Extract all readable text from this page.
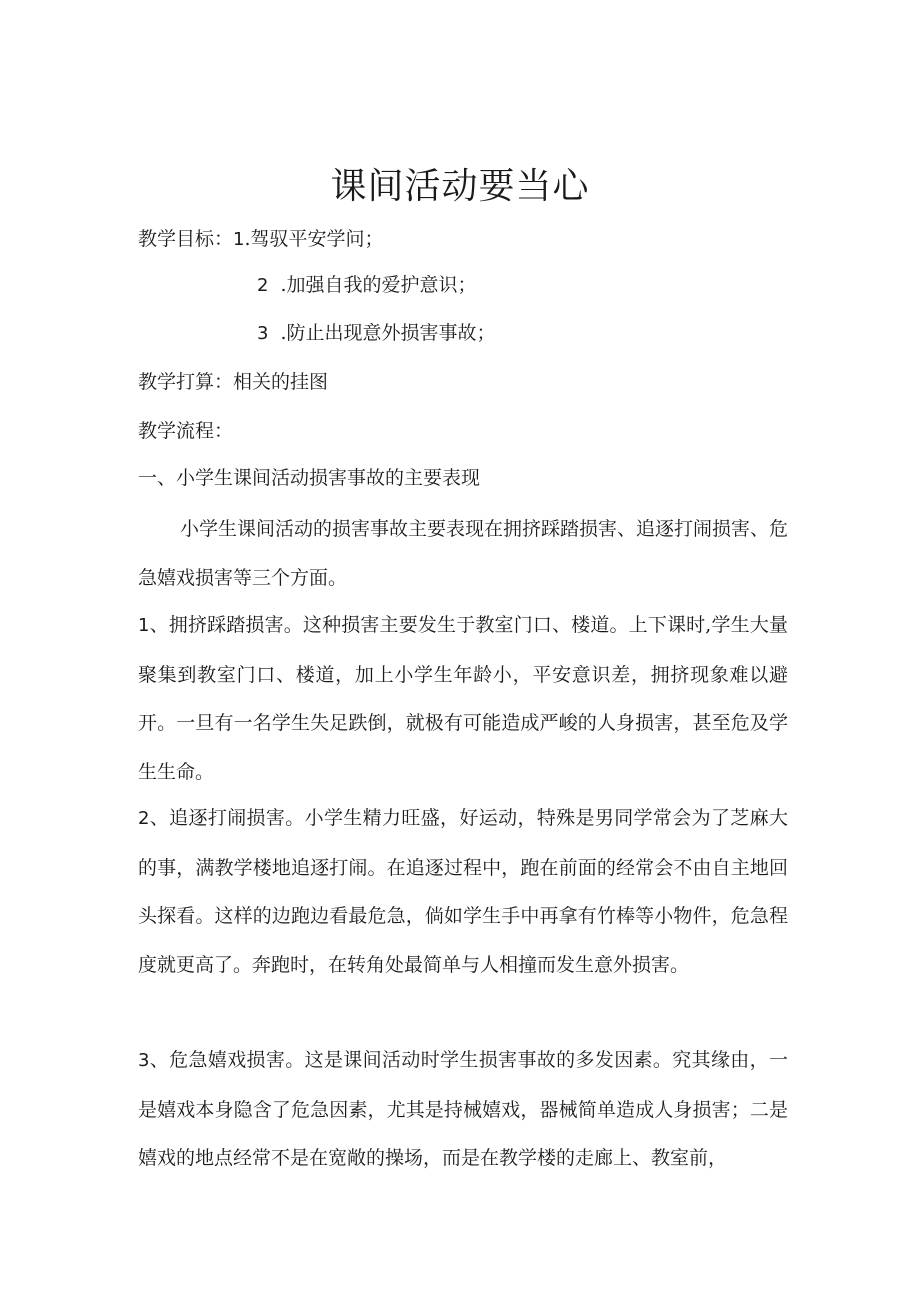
课间活动要当心

教学目标：1.驾驭平安学问；

2 .加强自我的爱护意识；

3 .防止出现意外损害事故；

教学打算：相关的挂图

教学流程：

一、小学生课间活动损害事故的主要表现

小学生课间活动的损害事故主要表现在拥挤踩踏损害、追逐打闹损害、危急嬉戏损害等三个方面。

1、拥挤踩踏损害。这种损害主要发生于教室门口、楼道。上下课时,学生大量聚集到教室门口、楼道，加上小学生年龄小，平安意识差，拥挤现象难以避开。一旦有一名学生失足跌倒，就极有可能造成严峻的人身损害，甚至危及学生生命。

2、追逐打闹损害。小学生精力旺盛，好运动，特殊是男同学常会为了芝麻大的事，满教学楼地追逐打闹。在追逐过程中，跑在前面的经常会不由自主地回头探看。这样的边跑边看最危急，倘如学生手中再拿有竹棒等小物件，危急程度就更高了。奔跑时，在转角处最简单与人相撞而发生意外损害。

3、危急嬉戏损害。这是课间活动时学生损害事故的多发因素。究其缘由，一是嬉戏本身隐含了危急因素，尤其是持械嬉戏，器械简单造成人身损害；二是嬉戏的地点经常不是在宽敞的操场，而是在教学楼的走廊上、教室前，
